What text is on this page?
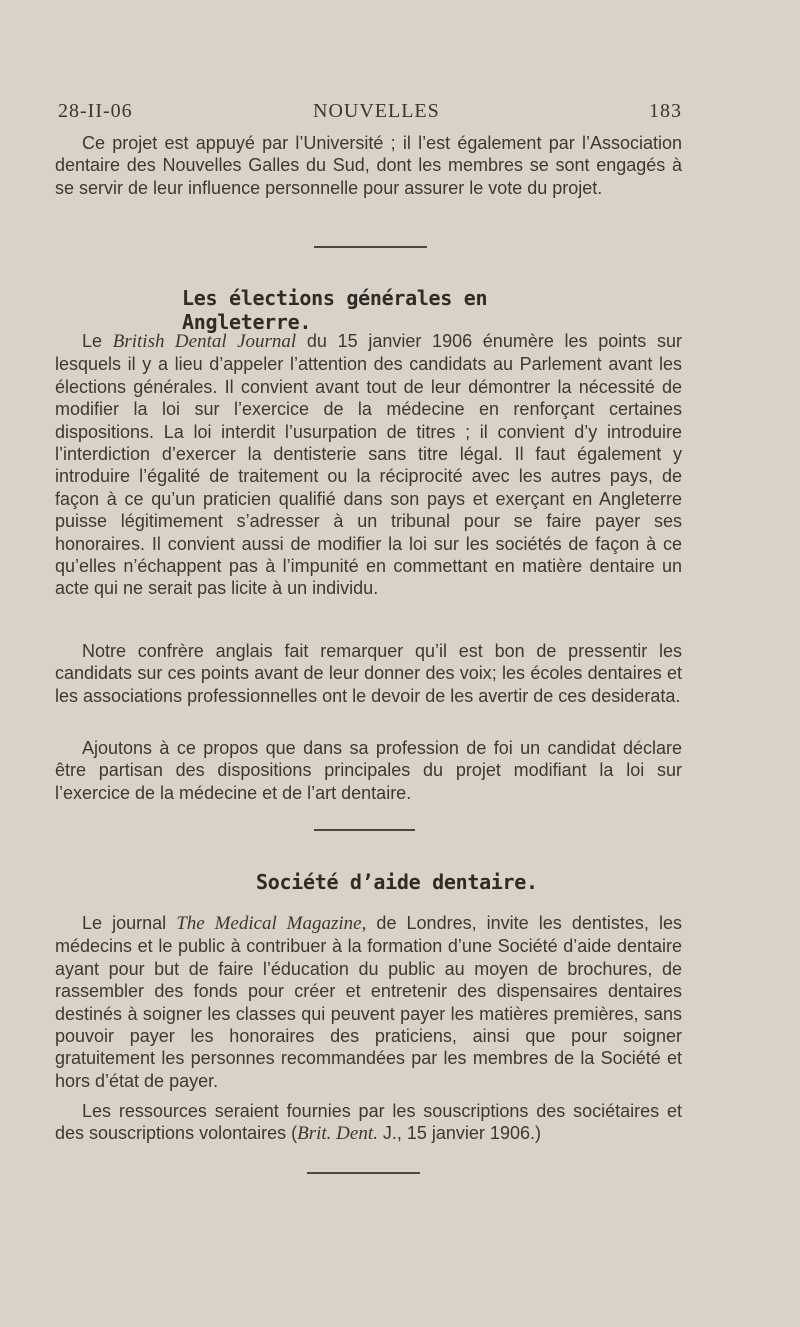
28-II-06	NOUVELLES	183

Ce projet est appuyé par l’Université ; il l’est également par l’Association dentaire des Nouvelles Galles du Sud, dont les membres se sont engagés à se servir de leur influence personnelle pour assurer le vote du projet.

Les élections générales en Angleterre.

Le British Dental Journal du 15 janvier 1906 énumère les points sur lesquels il y a lieu d’appeler l’attention des candidats au Parlement avant les élections générales. Il convient avant tout de leur démontrer la nécessité de modifier la loi sur l’exercice de la médecine en renforçant certaines dispositions. La loi interdit l’usurpation de titres ; il convient d’y introduire l’interdiction d’exercer la dentisterie sans titre légal. Il faut également y introduire l’égalité de traitement ou la réciprocité avec les autres pays, de façon à ce qu’un praticien qualifié dans son pays et exerçant en Angleterre puisse légitimement s’adresser à un tribunal pour se faire payer ses honoraires. Il convient aussi de modifier la loi sur les sociétés de façon à ce qu’elles n’échappent pas à l’impunité en commettant en matière dentaire un acte qui ne serait pas licite à un individu.

Notre confrère anglais fait remarquer qu’il est bon de pressentir les candidats sur ces points avant de leur donner des voix; les écoles dentaires et les associations professionnelles ont le devoir de les avertir de ces desiderata.

Ajoutons à ce propos que dans sa profession de foi un candidat déclare être partisan des dispositions principales du projet modifiant la loi sur l’exercice de la médecine et de l’art dentaire.

Société d’aide dentaire.

Le journal The Medical Magazine, de Londres, invite les dentistes, les médecins et le public à contribuer à la formation d’une Société d’aide dentaire ayant pour but de faire l’éducation du public au moyen de brochures, de rassembler des fonds pour créer et entretenir des dispensaires dentaires destinés à soigner les classes qui peuvent payer les matières premières, sans pouvoir payer les honoraires des praticiens, ainsi que pour soigner gratuitement les personnes recommandées par les membres de la Société et hors d’état de payer.

Les ressources seraient fournies par les souscriptions des sociétaires et des souscriptions volontaires (Brit. Dent. J., 15 janvier 1906.)
